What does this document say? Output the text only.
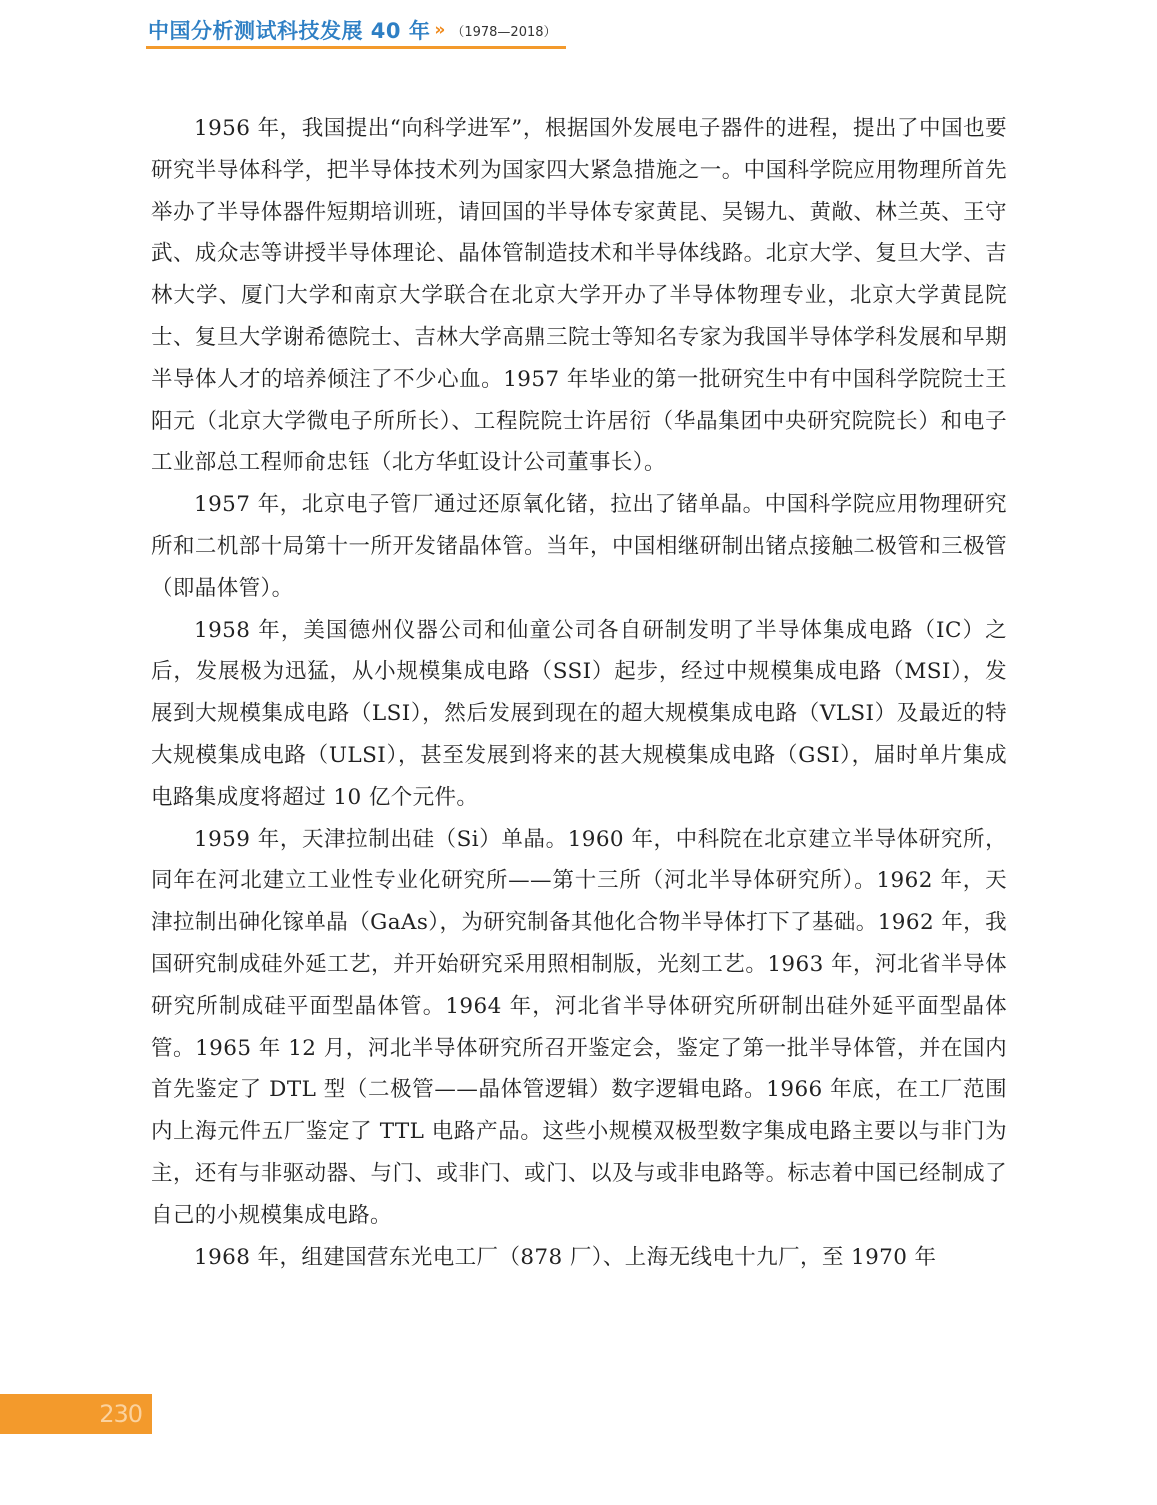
中国分析测试科技发展 40 年 » （1978—2018）

1956 年，我国提出“向科学进军”，根据国外发展电子器件的进程，提出了中国也要研究半导体科学，把半导体技术列为国家四大紧急措施之一。中国科学院应用物理所首先举办了半导体器件短期培训班，请回国的半导体专家黄昆、吴锡九、黄敞、林兰英、王守武、成众志等讲授半导体理论、晶体管制造技术和半导体线路。北京大学、复旦大学、吉林大学、厦门大学和南京大学联合在北京大学开办了半导体物理专业，北京大学黄昆院士、复旦大学谢希德院士、吉林大学高鼎三院士等知名专家为我国半导体学科发展和早期半导体人才的培养倾注了不少心血。1957 年毕业的第一批研究生中有中国科学院院士王阳元（北京大学微电子所所长）、工程院院士许居衍（华晶集团中央研究院院长）和电子工业部总工程师俞忠钰（北方华虹设计公司董事长）。

1957 年，北京电子管厂通过还原氧化锗，拉出了锗单晶。中国科学院应用物理研究所和二机部十局第十一所开发锗晶体管。当年，中国相继研制出锗点接触二极管和三极管（即晶体管）。

1958 年，美国德州仪器公司和仙童公司各自研制发明了半导体集成电路（IC）之后，发展极为迅猛，从小规模集成电路（SSI）起步，经过中规模集成电路（MSI），发展到大规模集成电路（LSI），然后发展到现在的超大规模集成电路（VLSI）及最近的特大规模集成电路（ULSI），甚至发展到将来的甚大规模集成电路（GSI），届时单片集成电路集成度将超过 10 亿个元件。

1959 年，天津拉制出硅（Si）单晶。1960 年，中科院在北京建立半导体研究所，同年在河北建立工业性专业化研究所——第十三所（河北半导体研究所）。1962 年，天津拉制出砷化镓单晶（GaAs），为研究制备其他化合物半导体打下了基础。1962 年，我国研究制成硅外延工艺，并开始研究采用照相制版，光刻工艺。1963 年，河北省半导体研究所制成硅平面型晶体管。1964 年，河北省半导体研究所研制出硅外延平面型晶体管。1965 年 12 月，河北半导体研究所召开鉴定会，鉴定了第一批半导体管，并在国内首先鉴定了 DTL 型（二极管——晶体管逻辑）数字逻辑电路。1966 年底，在工厂范围内上海元件五厂鉴定了 TTL 电路产品。这些小规模双极型数字集成电路主要以与非门为主，还有与非驱动器、与门、或非门、或门、以及与或非电路等。标志着中国已经制成了自己的小规模集成电路。

1968 年，组建国营东光电工厂（878 厂）、上海无线电十九厂，至 1970 年

230
